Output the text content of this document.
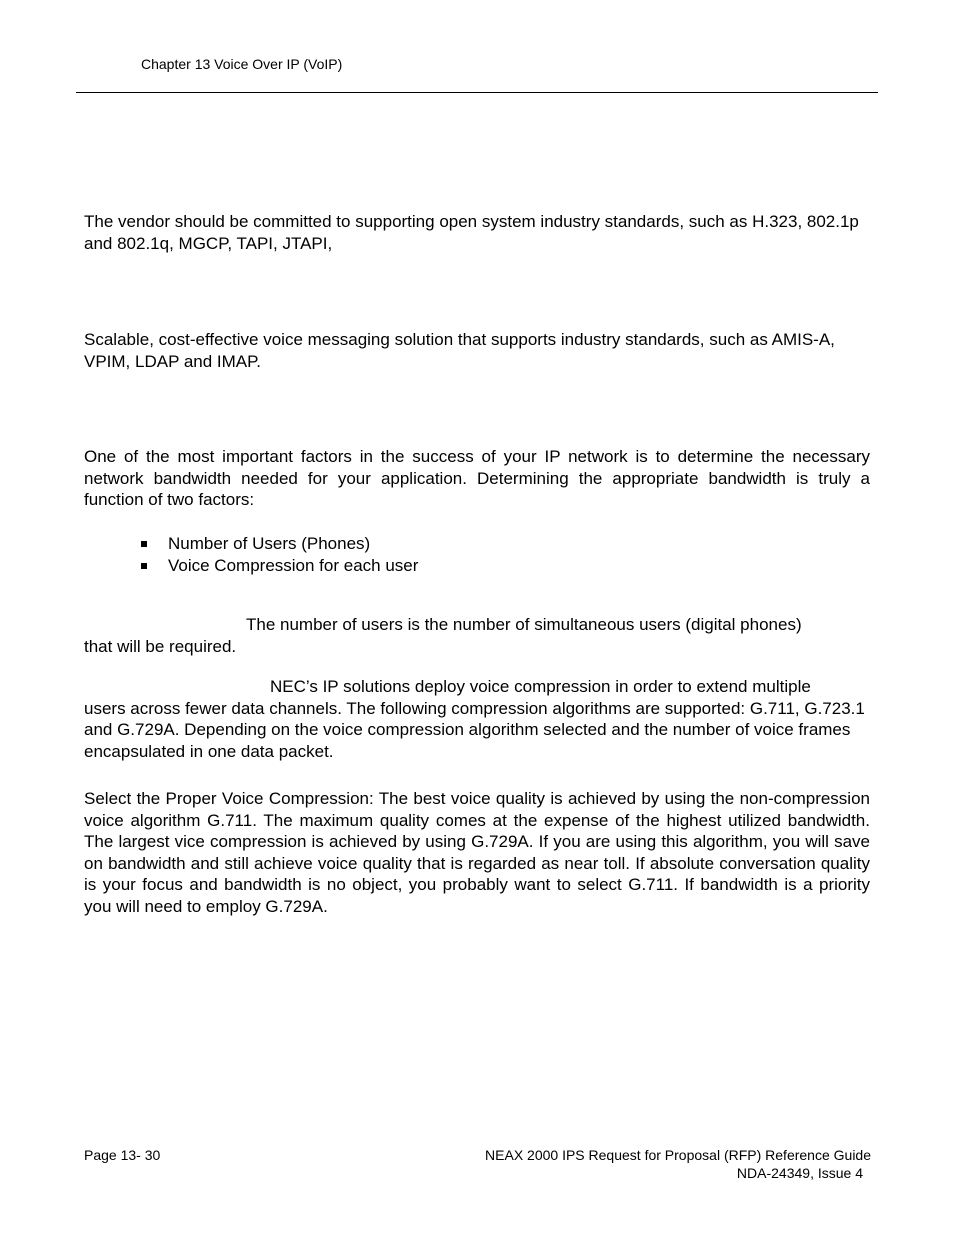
Chapter 13 Voice Over IP (VoIP)

The vendor should be committed to supporting open system industry standards, such as H.323, 802.1p and 802.1q, MGCP, TAPI, JTAPI,

Scalable, cost-effective voice messaging solution that supports industry standards, such as AMIS-A, VPIM, LDAP and IMAP.

One of the most important factors in the success of your IP network is to determine the necessary network bandwidth needed for your application. Determining the appropriate bandwidth is truly a function of two factors:

Number of Users (Phones)
Voice Compression for each user
The number of users is the number of simultaneous users (digital phones)
that will be required.
NEC’s IP solutions deploy voice compression in order to extend multiple
users across fewer data channels. The following compression algorithms are supported: G.711, G.723.1 and G.729A. Depending on the voice compression algorithm selected and the number of voice frames encapsulated in one data packet.

Select the Proper Voice Compression: The best voice quality is achieved by using the non-compression voice algorithm G.711. The maximum quality comes at the expense of the highest utilized bandwidth. The largest vice compression is achieved by using G.729A. If you are using this algorithm, you will save on bandwidth and still achieve voice quality that is regarded as near toll. If absolute conversation quality is your focus and bandwidth is no object, you probably want to select G.711. If bandwidth is a priority you will need to employ G.729A.

Page 13- 30	NEAX 2000 IPS Request for Proposal (RFP) Reference Guide
NDA-24349, Issue 4
